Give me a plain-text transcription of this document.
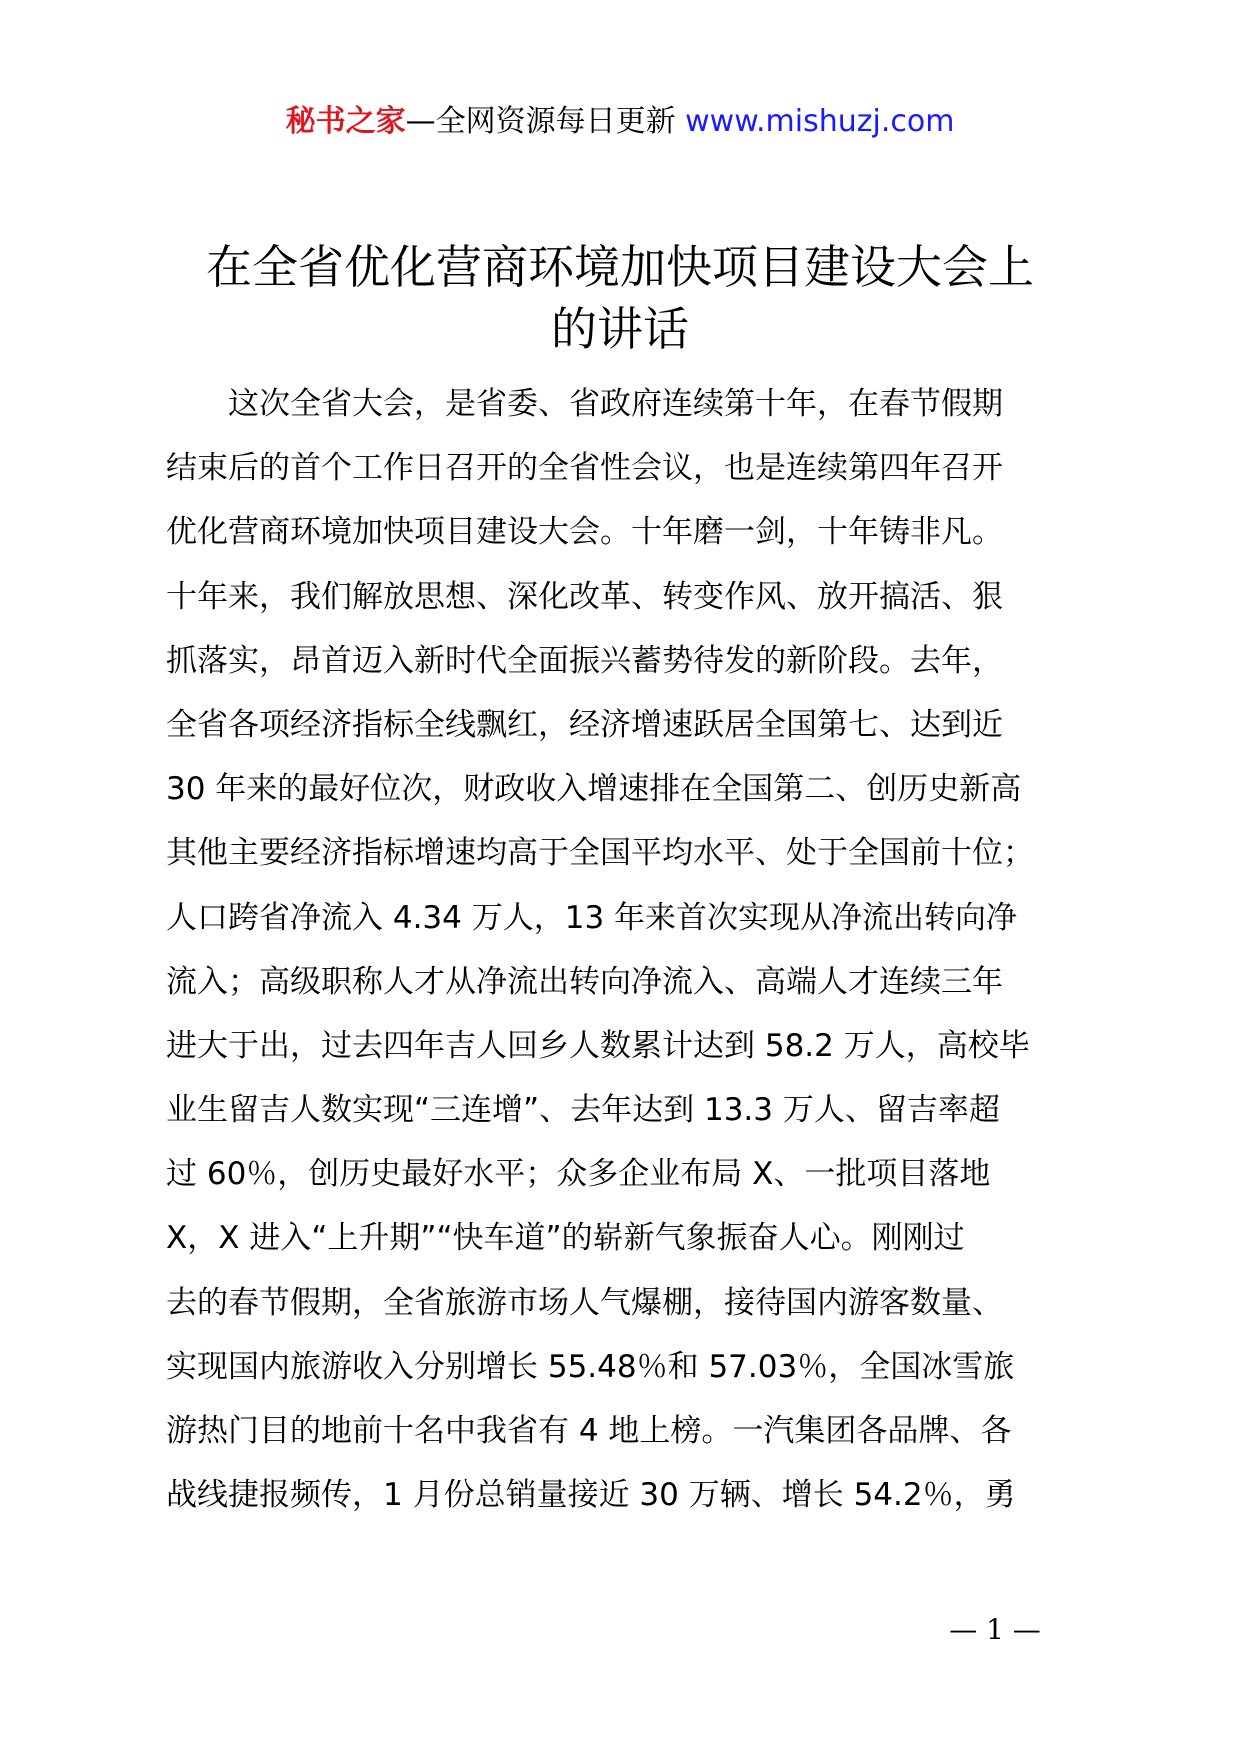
秘书之家—全网资源每日更新 www.mishuzj.com
在全省优化营商环境加快项目建设大会上
的讲话
　　这次全省大会，是省委、省政府连续第十年，在春节假期
结束后的首个工作日召开的全省性会议，也是连续第四年召开
优化营商环境加快项目建设大会。十年磨一剑，十年铸非凡。
十年来，我们解放思想、深化改革、转变作风、放开搞活、狠
抓落实，昂首迈入新时代全面振兴蓄势待发的新阶段。去年，
全省各项经济指标全线飘红，经济增速跃居全国第七、达到近
30 年来的最好位次，财政收入增速排在全国第二、创历史新高
其他主要经济指标增速均高于全国平均水平、处于全国前十位；
人口跨省净流入 4.34 万人，13 年来首次实现从净流出转向净
流入；高级职称人才从净流出转向净流入、高端人才连续三年
进大于出，过去四年吉人回乡人数累计达到 58.2 万人，高校毕
业生留吉人数实现“三连增”、去年达到 13.3 万人、留吉率超
过 60％，创历史最好水平；众多企业布局 X、一批项目落地
X，X 进入“上升期”“快车道”的崭新气象振奋人心。刚刚过
去的春节假期，全省旅游市场人气爆棚，接待国内游客数量、
实现国内旅游收入分别增长 55.48％和 57.03％，全国冰雪旅
游热门目的地前十名中我省有 4 地上榜。一汽集团各品牌、各
战线捷报频传，1 月份总销量接近 30 万辆、增长 54.2％，勇
— 1 —
